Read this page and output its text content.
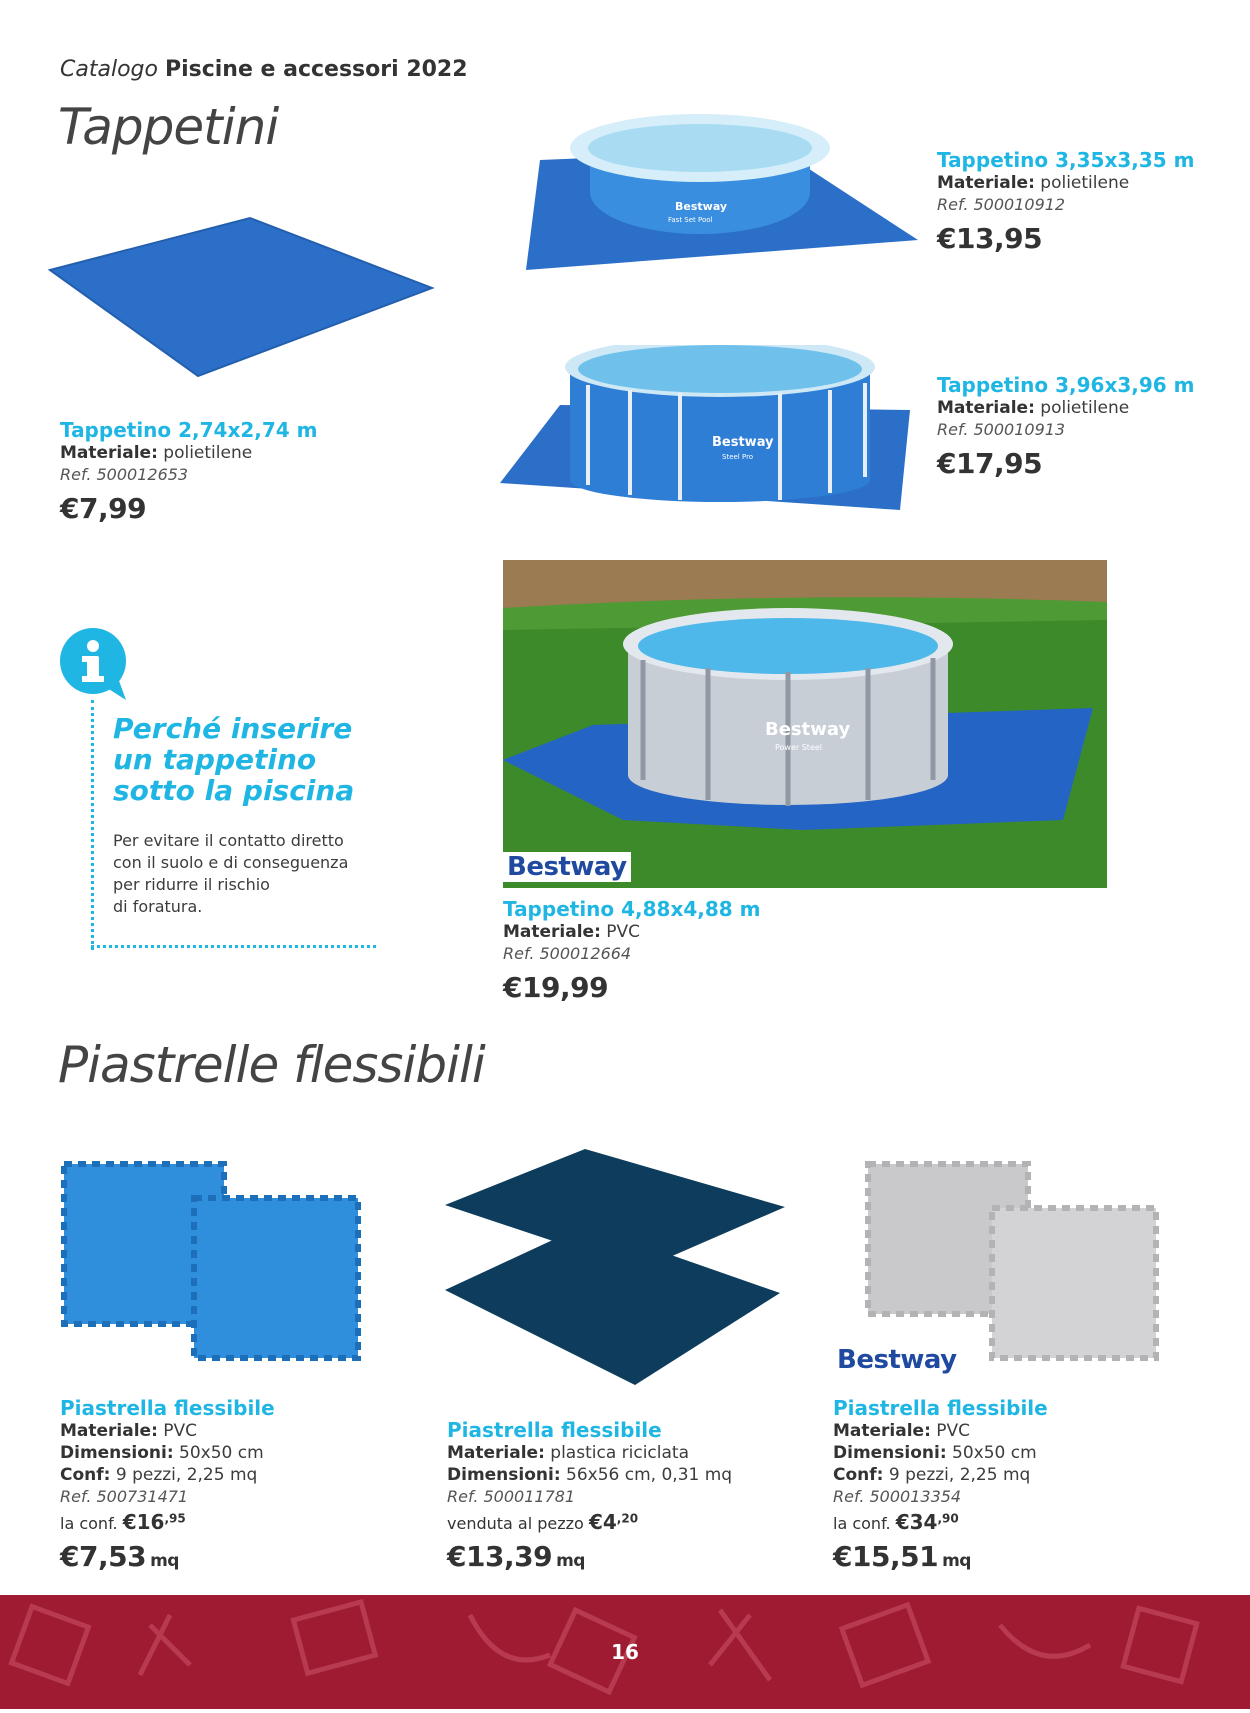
Catalogo Piscine e accessori 2022
Tappetini
Tappetino 2,74x2,74 m
Materiale: polietilene
Ref. 500012653
€7,99
Bestway
Fast Set Pool
Tappetino 3,35x3,35 m
Materiale: polietilene
Ref. 500010912
€13,95
Bestway
Steel Pro
Tappetino 3,96x3,96 m
Materiale: polietilene
Ref. 500010913
€17,95
Perché inserire
un tappetino
sotto la piscina
Per evitare il contatto diretto
con il suolo e di conseguenza
per ridurre il rischio
di foratura.
Bestway
Power Steel
Bestway
Tappetino 4,88x4,88 m
Materiale: PVC
Ref. 500012664
€19,99
Piastrelle flessibili
Bestway
Piastrella flessibile
Materiale: PVC
Dimensioni: 50x50 cm
Conf: 9 pezzi, 2,25 mq
Ref. 500731471
la conf. $€16^{,95}$
€7,53 mq
Piastrella flessibile
Materiale: plastica riciclata
Dimensioni: 56x56 cm, 0,31 mq
Ref. 500011781
venduta al pezzo $€4^{,20}$
€13,39 mq
Piastrella flessibile
Materiale: PVC
Dimensioni: 50x50 cm
Conf: 9 pezzi, 2,25 mq
Ref. 500013354
la conf. $€34^{,90}$
€15,51 mq
16
